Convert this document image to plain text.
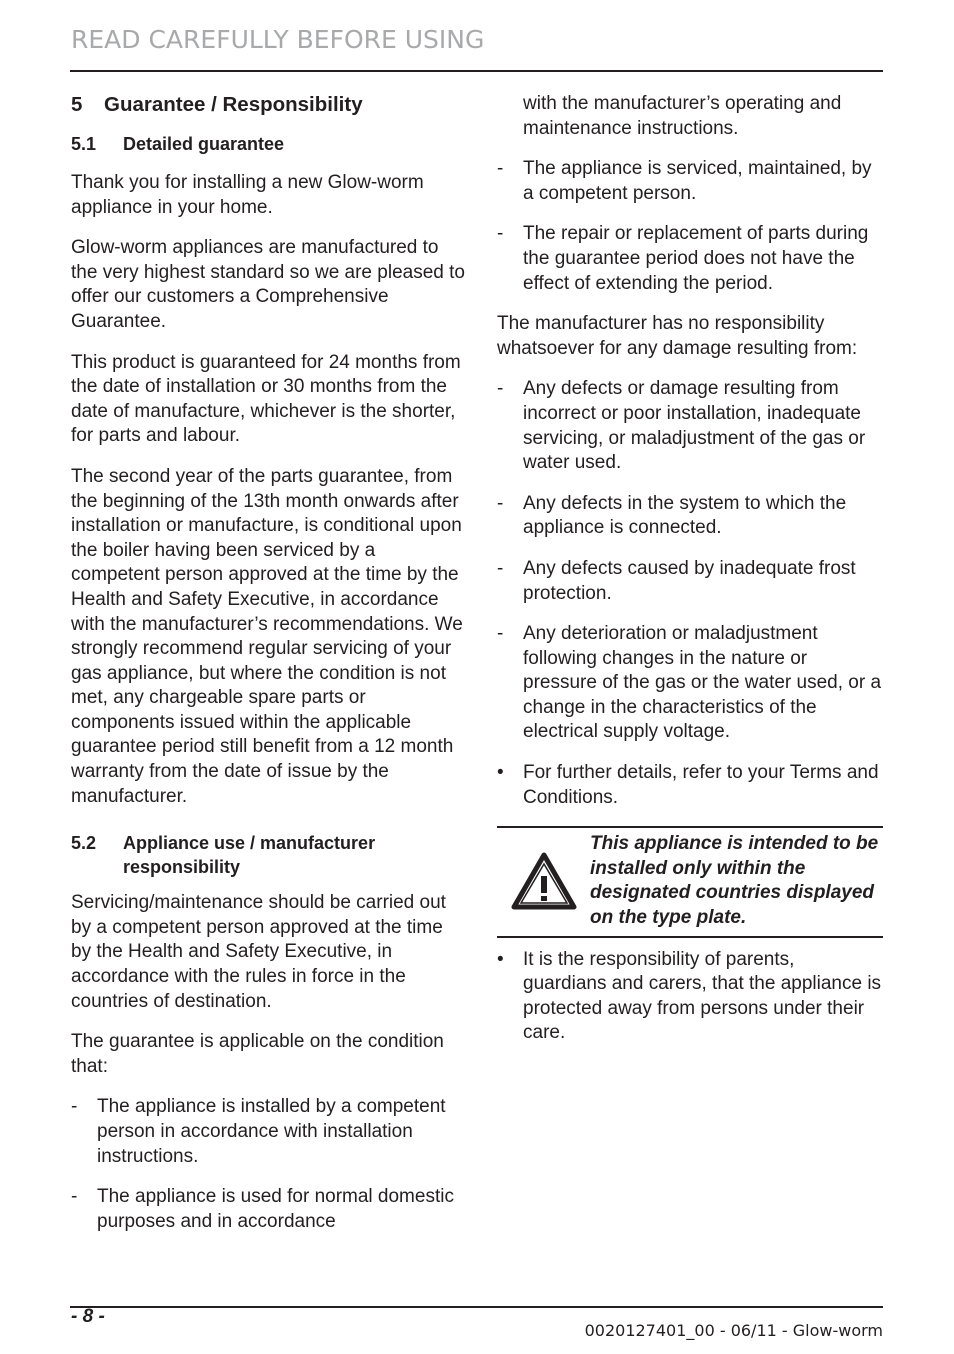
READ CAREFULLY BEFORE USING
5	Guarantee / Responsibility
5.1	Detailed guarantee

Thank you for installing a new Glow-worm appliance in your home.

Glow-worm appliances are manufactured to the very highest standard so we are pleased to offer our customers a Comprehensive Guarantee.

This product is guaranteed for 24 months from the date of installation or 30 months from the date of manufacture, whichever is the shorter, for parts and labour.

The second year of the parts guarantee, from the beginning of the 13th month onwards after installation or manufacture, is conditional upon the boiler having been serviced by a competent person approved at the time by the Health and Safety Executive, in accordance with the manufacturer’s recommendations. We strongly recommend regular servicing of your gas appliance, but where the condition is not met, any chargeable spare parts or components issued within the applicable guarantee period still benefit from a 12 month warranty from the date of issue by the manufacturer.

5.2	Appliance use / manufacturer responsibility

Servicing/maintenance should be carried out by a competent person approved at the time by the Health and Safety Executive, in accordance with the rules in force in the countries of destination.

The guarantee is applicable on the condition that:

-	The appliance is installed by a competent person in accordance with installation instructions.
-	The appliance is used for normal domestic purposes and in accordance
with the manufacturer’s operating and maintenance instructions.
-	The appliance is serviced, maintained, by a competent person.
-	The repair or replacement of parts during the guarantee period does not have the effect of extending the period.

The manufacturer has no responsibility whatsoever for any damage resulting from:

-	Any defects or damage resulting from incorrect or poor installation, inadequate servicing, or maladjustment of the gas or water used.
-	Any defects in the system to which the appliance is connected.
-	Any defects caused by inadequate frost protection.
-	Any deterioration or maladjustment following changes in the nature or pressure of the gas or the water used, or a change in the characteristics of the electrical supply voltage.
•	For further details, refer to your Terms and Conditions.
This appliance is intended to be installed only within the designated countries displayed on the type plate.
•	It is the responsibility of parents, guardians and carers, that the appliance is protected away from persons under their care.
- 8 -
0020127401_00 - 06/11 - Glow-worm
